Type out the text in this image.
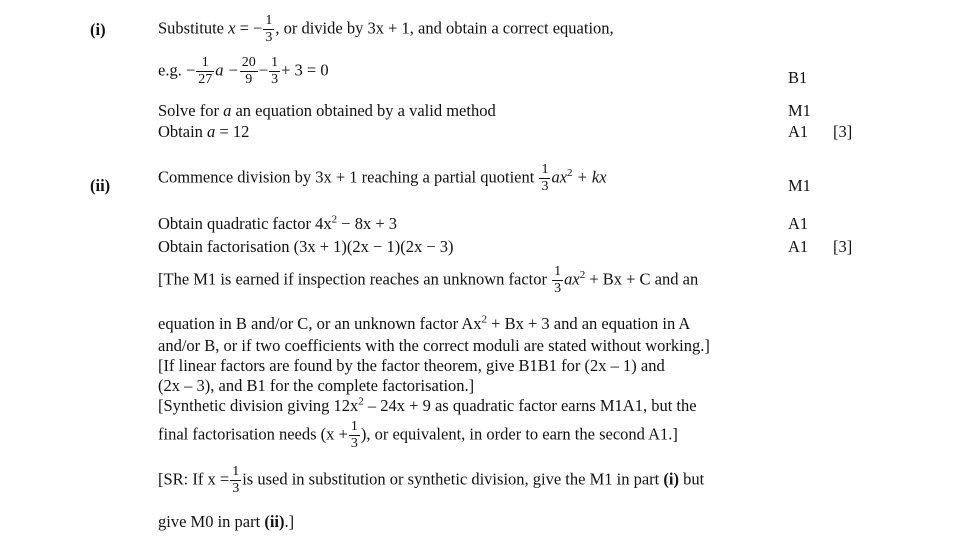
(i)	Substitute x = − $\frac{1}{3}$ , or divide by 3x + 1, and obtain a correct equation,
e.g. − $\frac{1}{27}$ $a - \frac{20}{9} - \frac{1}{3} + 3 = 0$	B1
Solve for a an equation obtained by a valid method	M1
Obtain a = 12	A1 [3]
(ii)	Commence division by 3x + 1 reaching a partial quotient $\frac{1}{3} ax^2$ + kx	M1
Obtain quadratic factor $4x^2 - 8x + 3$	A1
Obtain factorisation (3x + 1)(2x − 1)(2x − 3)	A1 [3]
[The M1 is earned if inspection reaches an unknown factor $\frac{1}{3} ax^2 + Bx + C$ and an
equation in B and/or C, or an unknown factor $Ax^2 + Bx + 3$ and an equation in A
and/or B, or if two coefficients with the correct moduli are stated without working.]
[If linear factors are found by the factor theorem, give B1B1 for (2x – 1) and
(2x – 3), and B1 for the complete factorisation.]
[Synthetic division giving $12x^2 - 24x + 9$ as quadratic factor earns M1A1, but the
final factorisation needs ($x + \frac{1}{3}$ ), or equivalent, in order to earn the second A1.]
[SR: If $x = \frac{1}{3}$ is used in substitution or synthetic division, give the M1 in part (i) but
give M0 in part (ii).]
